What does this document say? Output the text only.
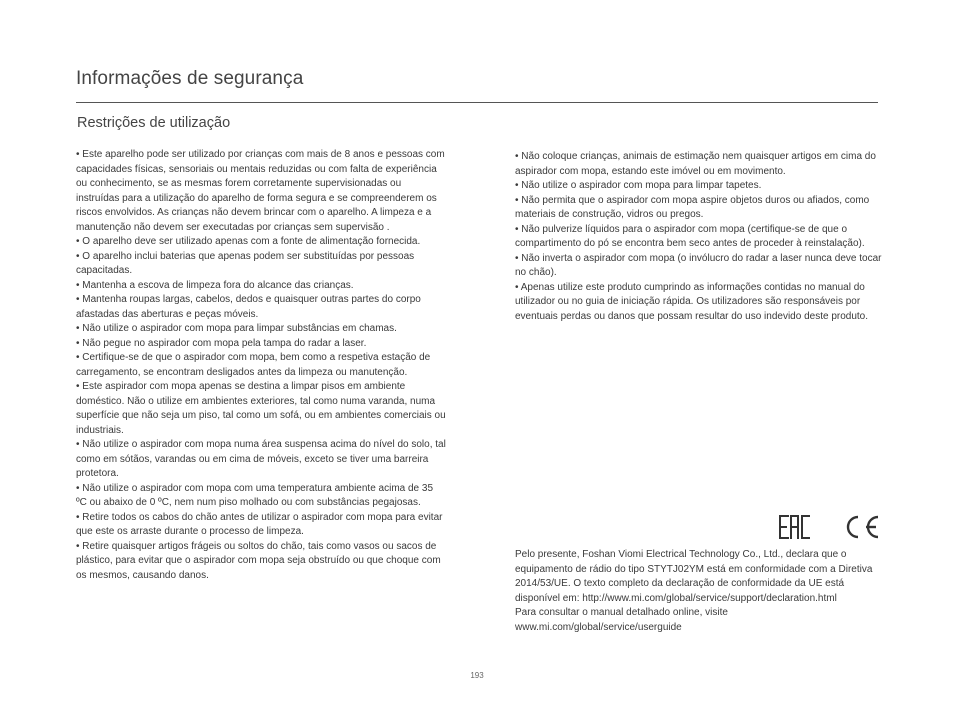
Informações de segurança
Restrições de utilização

• Este aparelho pode ser utilizado por crianças com mais de 8 anos e pessoas com capacidades físicas, sensoriais ou mentais reduzidas ou com falta de experiência ou conhecimento, se as mesmas forem corretamente supervisionadas ou instruídas para a utilização do aparelho de forma segura e se compreenderem os riscos envolvidos. As crianças não devem brincar com o aparelho. A limpeza e a manutenção não devem ser executadas por crianças sem supervisão .

• O aparelho deve ser utilizado apenas com a fonte de alimentação fornecida.

• O aparelho inclui baterias que apenas podem ser substituídas por pessoas capacitadas.

• Mantenha a escova de limpeza fora do alcance das crianças.

• Mantenha roupas largas, cabelos, dedos e quaisquer outras partes do corpo afastadas das aberturas e peças móveis.

• Não utilize o aspirador com mopa para limpar substâncias em chamas.

• Não pegue no aspirador com mopa pela tampa do radar a laser.

• Certifique-se de que o aspirador com mopa, bem como a respetiva estação de carregamento, se encontram desligados antes da limpeza ou manutenção.

• Este aspirador com mopa apenas se destina a limpar pisos em ambiente doméstico. Não o utilize em ambientes exteriores, tal como numa varanda, numa superfície que não seja um piso, tal como um sofá, ou em ambientes comerciais ou industriais.

• Não utilize o aspirador com mopa numa área suspensa acima do nível do solo, tal como em sótãos, varandas ou em cima de móveis, exceto se tiver uma barreira protetora.

• Não utilize o aspirador com mopa com uma temperatura ambiente acima de 35 ºC ou abaixo de 0 ºC, nem num piso molhado ou com substâncias pegajosas.

• Retire todos os cabos do chão antes de utilizar o aspirador com mopa para evitar que este os arraste durante o processo de limpeza.

• Retire quaisquer artigos frágeis ou soltos do chão, tais como vasos ou sacos de plástico, para evitar que o aspirador com mopa seja obstruído ou que choque com os mesmos, causando danos.

• Não coloque crianças, animais de estimação nem quaisquer artigos em cima do aspirador com mopa, estando este imóvel ou em movimento.

• Não utilize o aspirador com mopa para limpar tapetes.

• Não permita que o aspirador com mopa aspire objetos duros ou afiados, como materiais de construção, vidros ou pregos.

• Não pulverize líquidos para o aspirador com mopa (certifique-se de que o compartimento do pó se encontra bem seco antes de proceder à reinstalação).

• Não inverta o aspirador com mopa (o invólucro do radar a laser nunca deve tocar no chão).

• Apenas utilize este produto cumprindo as informações contidas no manual do utilizador ou no guia de iniciação rápida. Os utilizadores são responsáveis por eventuais perdas ou danos que possam resultar do uso indevido deste produto.

Pelo presente, Foshan Viomi Electrical Technology Co., Ltd., declara que o equipamento de rádio do tipo STYTJ02YM está em conformidade com a Diretiva 2014/53/UE. O texto completo da declaração de conformidade da UE está disponível em: http://www.mi.com/global/service/support/declaration.html

Para consultar o manual detalhado online, visite www.mi.com/global/service/userguide

193
